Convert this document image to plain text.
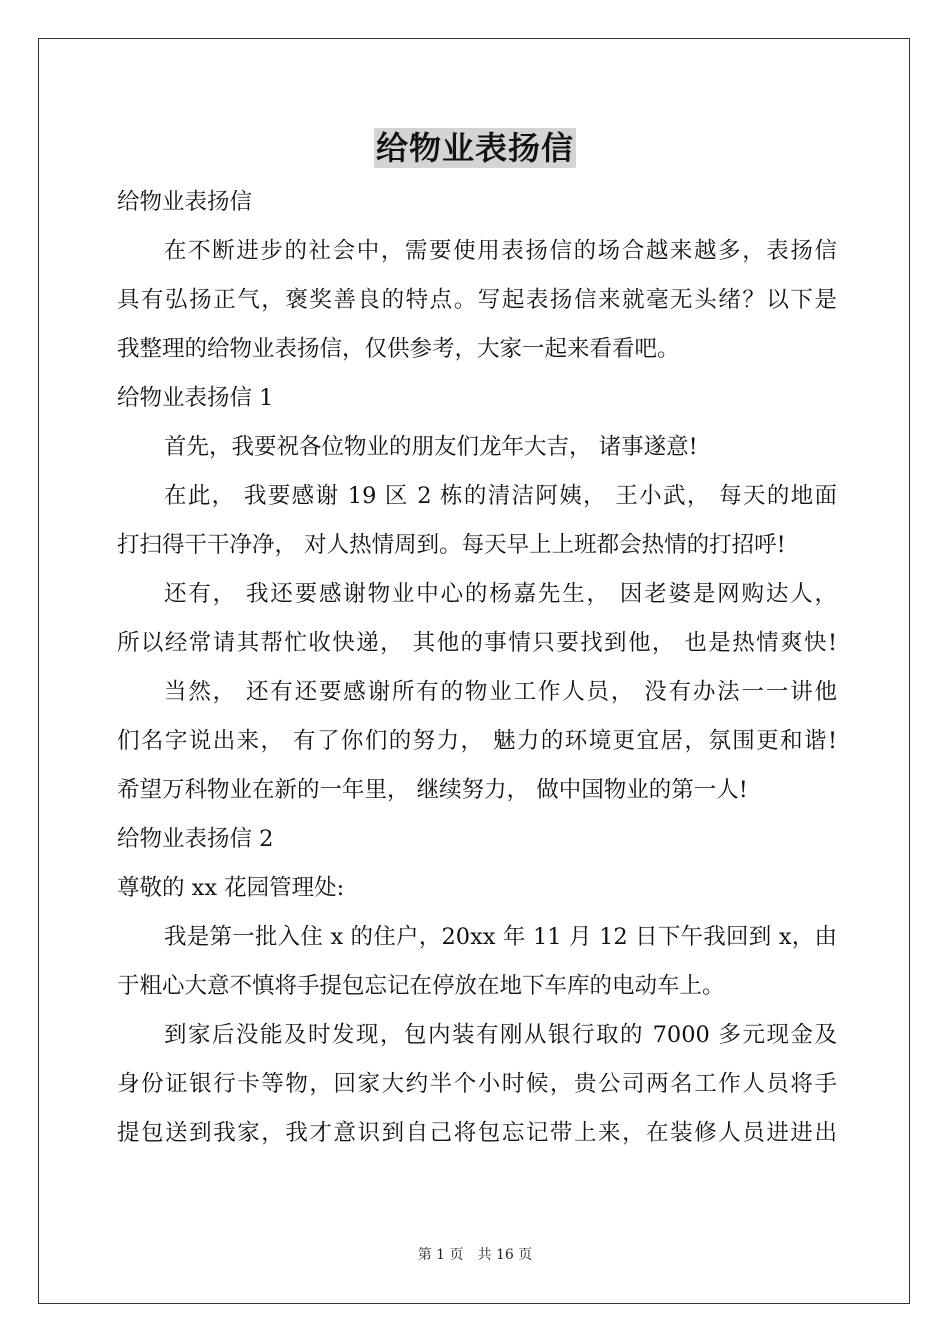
给物业表扬信
给物业表扬信
在不断进步的社会中，需要使用表扬信的场合越来越多，表扬信
具有弘扬正气，褒奖善良的特点。写起表扬信来就毫无头绪？以下是
我整理的给物业表扬信，仅供参考，大家一起来看看吧。
给物业表扬信 1
首先，我要祝各位物业的朋友们龙年大吉， 诸事遂意!
在此， 我要感谢 19 区 2 栋的清洁阿姨， 王小武， 每天的地面
打扫得干干净净， 对人热情周到。每天早上上班都会热情的打招呼!
还有， 我还要感谢物业中心的杨嘉先生， 因老婆是网购达人，
所以经常请其帮忙收快递， 其他的事情只要找到他， 也是热情爽快!
当然， 还有还要感谢所有的物业工作人员， 没有办法一一讲他
们名字说出来， 有了你们的努力， 魅力的环境更宜居，氛围更和谐!
希望万科物业在新的一年里， 继续努力， 做中国物业的第一人!
给物业表扬信 2
尊敬的 xx 花园管理处:
我是第一批入住 x 的住户，20xx 年 11 月 12 日下午我回到 x，由
于粗心大意不慎将手提包忘记在停放在地下车库的电动车上。
到家后没能及时发现，包内装有刚从银行取的 7000 多元现金及
身份证银行卡等物，回家大约半个小时候，贵公司两名工作人员将手
提包送到我家，我才意识到自己将包忘记带上来，在装修人员进进出
第 1 页　共 16 页
